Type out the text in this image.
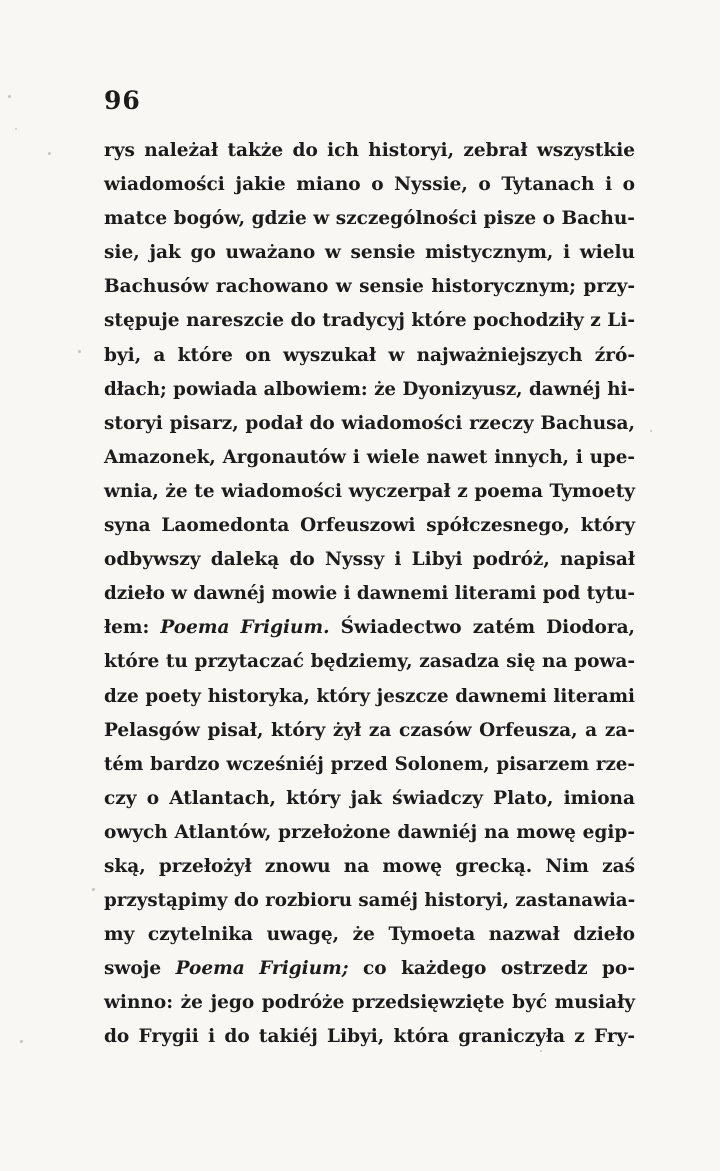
96
rys należał także do ich historyi, zebrał wszystkie
wiadomości jakie miano o Nyssie, o Tytanach i o
matce bogów, gdzie w szczególności pisze o Bachu-
sie, jak go uważano w sensie mistycznym, i wielu
Bachusów rachowano w sensie historycznym; przy-
stępuje nareszcie do tradycyj które pochodziły z Li-
byi, a które on wyszukał w najważniejszych źró-
dłach; powiada albowiem: że Dyonizyusz, dawnéj hi-
storyi pisarz, podał do wiadomości rzeczy Bachusa,
Amazonek, Argonautów i wiele nawet innych, i upe-
wnia, że te wiadomości wyczerpał z poema Tymoety
syna Laomedonta Orfeuszowi spółczesnego, który
odbywszy daleką do Nyssy i Libyi podróż, napisał
dzieło w dawnéj mowie i dawnemi literami pod tytu-
łem: Poema Frigium. Świadectwo zatém Diodora,
które tu przytaczać będziemy, zasadza się na powa-
dze poety historyka, który jeszcze dawnemi literami
Pelasgów pisał, który żył za czasów Orfeusza, a za-
tém bardzo wcześniéj przed Solonem, pisarzem rze-
czy o Atlantach, który jak świadczy Plato, imiona
owych Atlantów, przełożone dawniéj na mowę egip-
ską, przełożył znowu na mowę grecką. Nim zaś
przystąpimy do rozbioru saméj historyi, zastanawia-
my czytelnika uwagę, że Tymoeta nazwał dzieło
swoje Poema Frigium; co każdego ostrzedz po-
winno: że jego podróże przedsięwzięte być musiały
do Frygii i do takiéj Libyi, która graniczyła z Fry-
